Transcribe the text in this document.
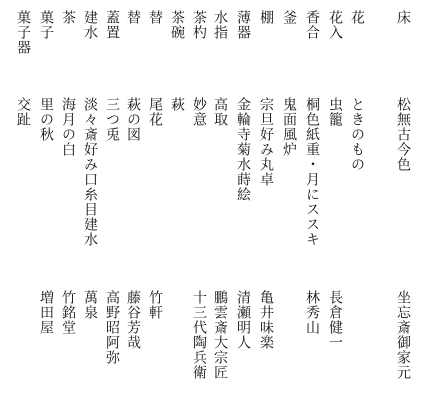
床
松無古今色
坐忘斎御家元
花
ときのもの
花入
虫籠
長倉健一
香合
桐色紙重・月にススキ
林秀山
釜
鬼面風炉
棚
宗旦好み丸卓
亀井味楽
薄器
金輪寺菊水蒔絵
清瀬明人
水指
高取
鵬雲斎大宗匠
茶杓
妙意
十三代陶兵衛
茶碗
萩
替
尾花
竹軒
替
萩の図
藤谷芳哉
蓋置
三つ兎
高野昭阿弥
建水
淡々斎好み口糸目建水
萬泉
茶
海月の白
竹銘堂
菓子
里の秋
増田屋
菓子器
交趾
